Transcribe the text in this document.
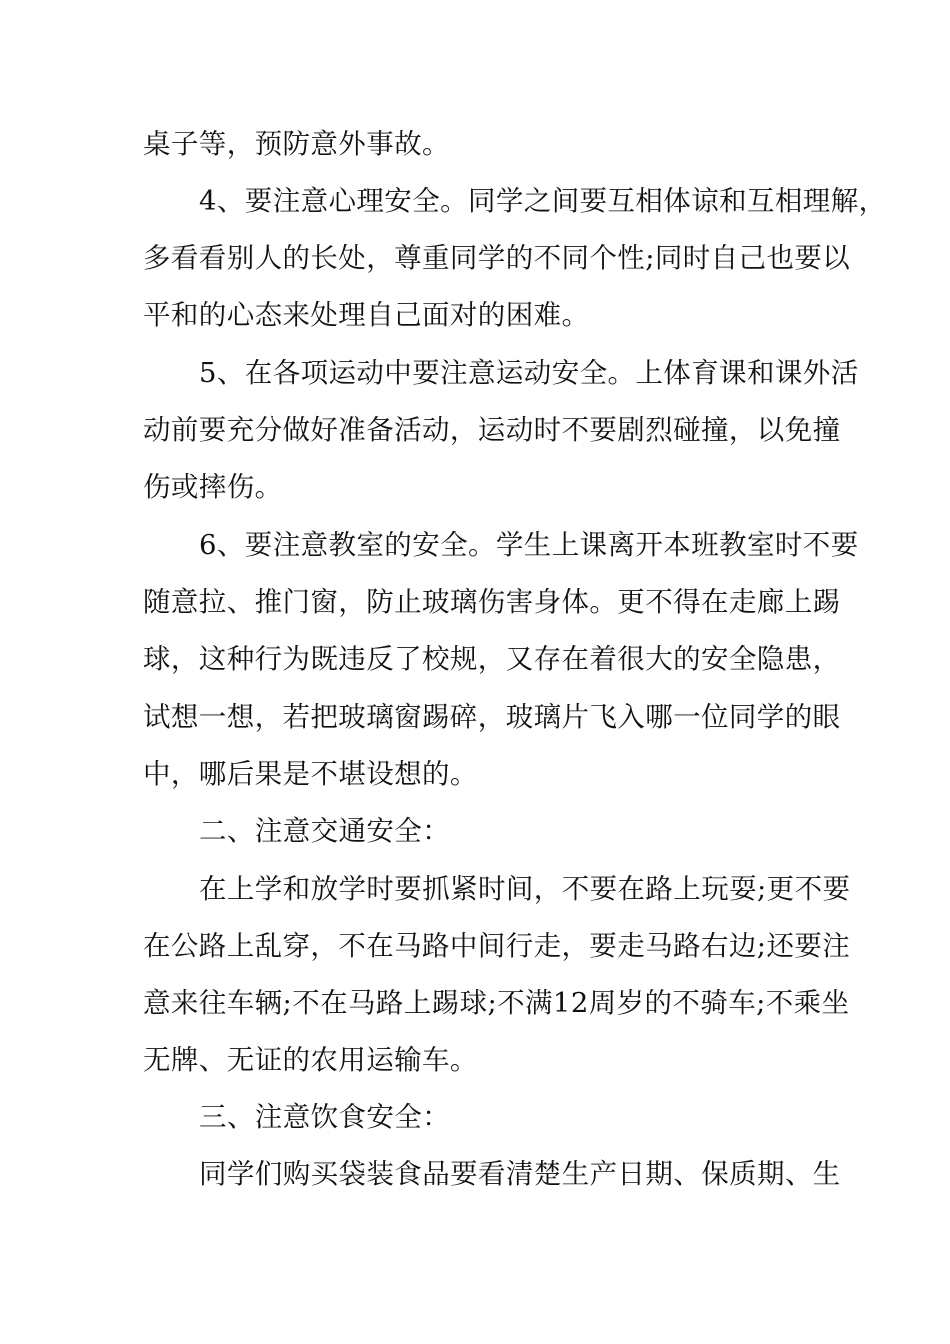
桌子等，预防意外事故。

4、要注意心理安全。同学之间要互相体谅和互相理解，

多看看别人的长处，尊重同学的不同个性;同时自己也要以

平和的心态来处理自己面对的困难。

5、在各项运动中要注意运动安全。上体育课和课外活

动前要充分做好准备活动，运动时不要剧烈碰撞，以免撞

伤或摔伤。

6、要注意教室的安全。学生上课离开本班教室时不要

随意拉、推门窗，防止玻璃伤害身体。更不得在走廊上踢

球，这种行为既违反了校规，又存在着很大的安全隐患，

试想一想，若把玻璃窗踢碎，玻璃片飞入哪一位同学的眼

中，哪后果是不堪设想的。

二、注意交通安全：

在上学和放学时要抓紧时间，不要在路上玩耍;更不要

在公路上乱穿，不在马路中间行走，要走马路右边;还要注

意来往车辆;不在马路上踢球;不满12周岁的不骑车;不乘坐

无牌、无证的农用运输车。

三、注意饮食安全：

同学们购买袋装食品要看清楚生产日期、保质期、生
